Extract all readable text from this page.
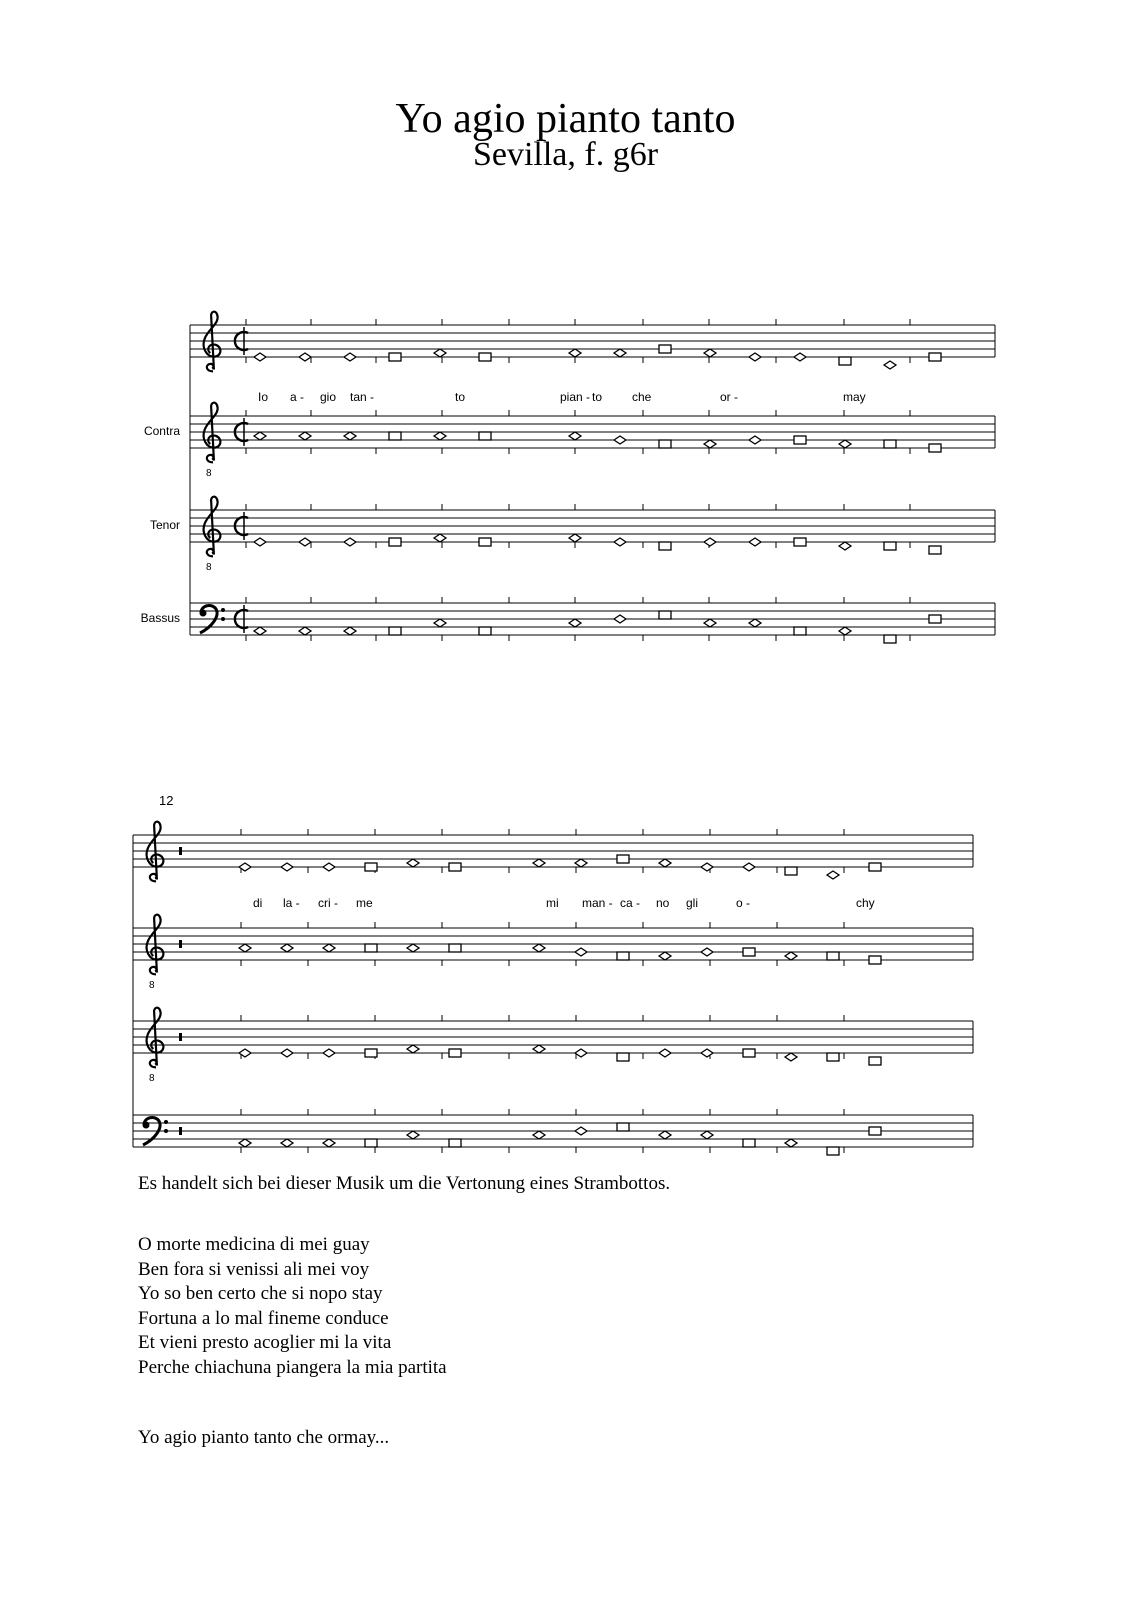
Yo agio pianto tanto
Sevilla, f. g6r
8
8
12
8
8
Io a - gio tan -	to	pian - to che	or -	may
di la - cri - me	mi man - ca - no gli	o -	chy
Contra
Tenor
Bassus
Es handelt sich bei dieser Musik um die Vertonung eines Strambottos.
O morte medicina di mei guay
Ben fora si venissi ali mei voy
Yo so ben certo che si nopo stay
Fortuna a lo mal fineme conduce
Et vieni presto acoglier mi la vita
Perche chiachuna piangera la mia partita
Yo agio pianto tanto che ormay...
